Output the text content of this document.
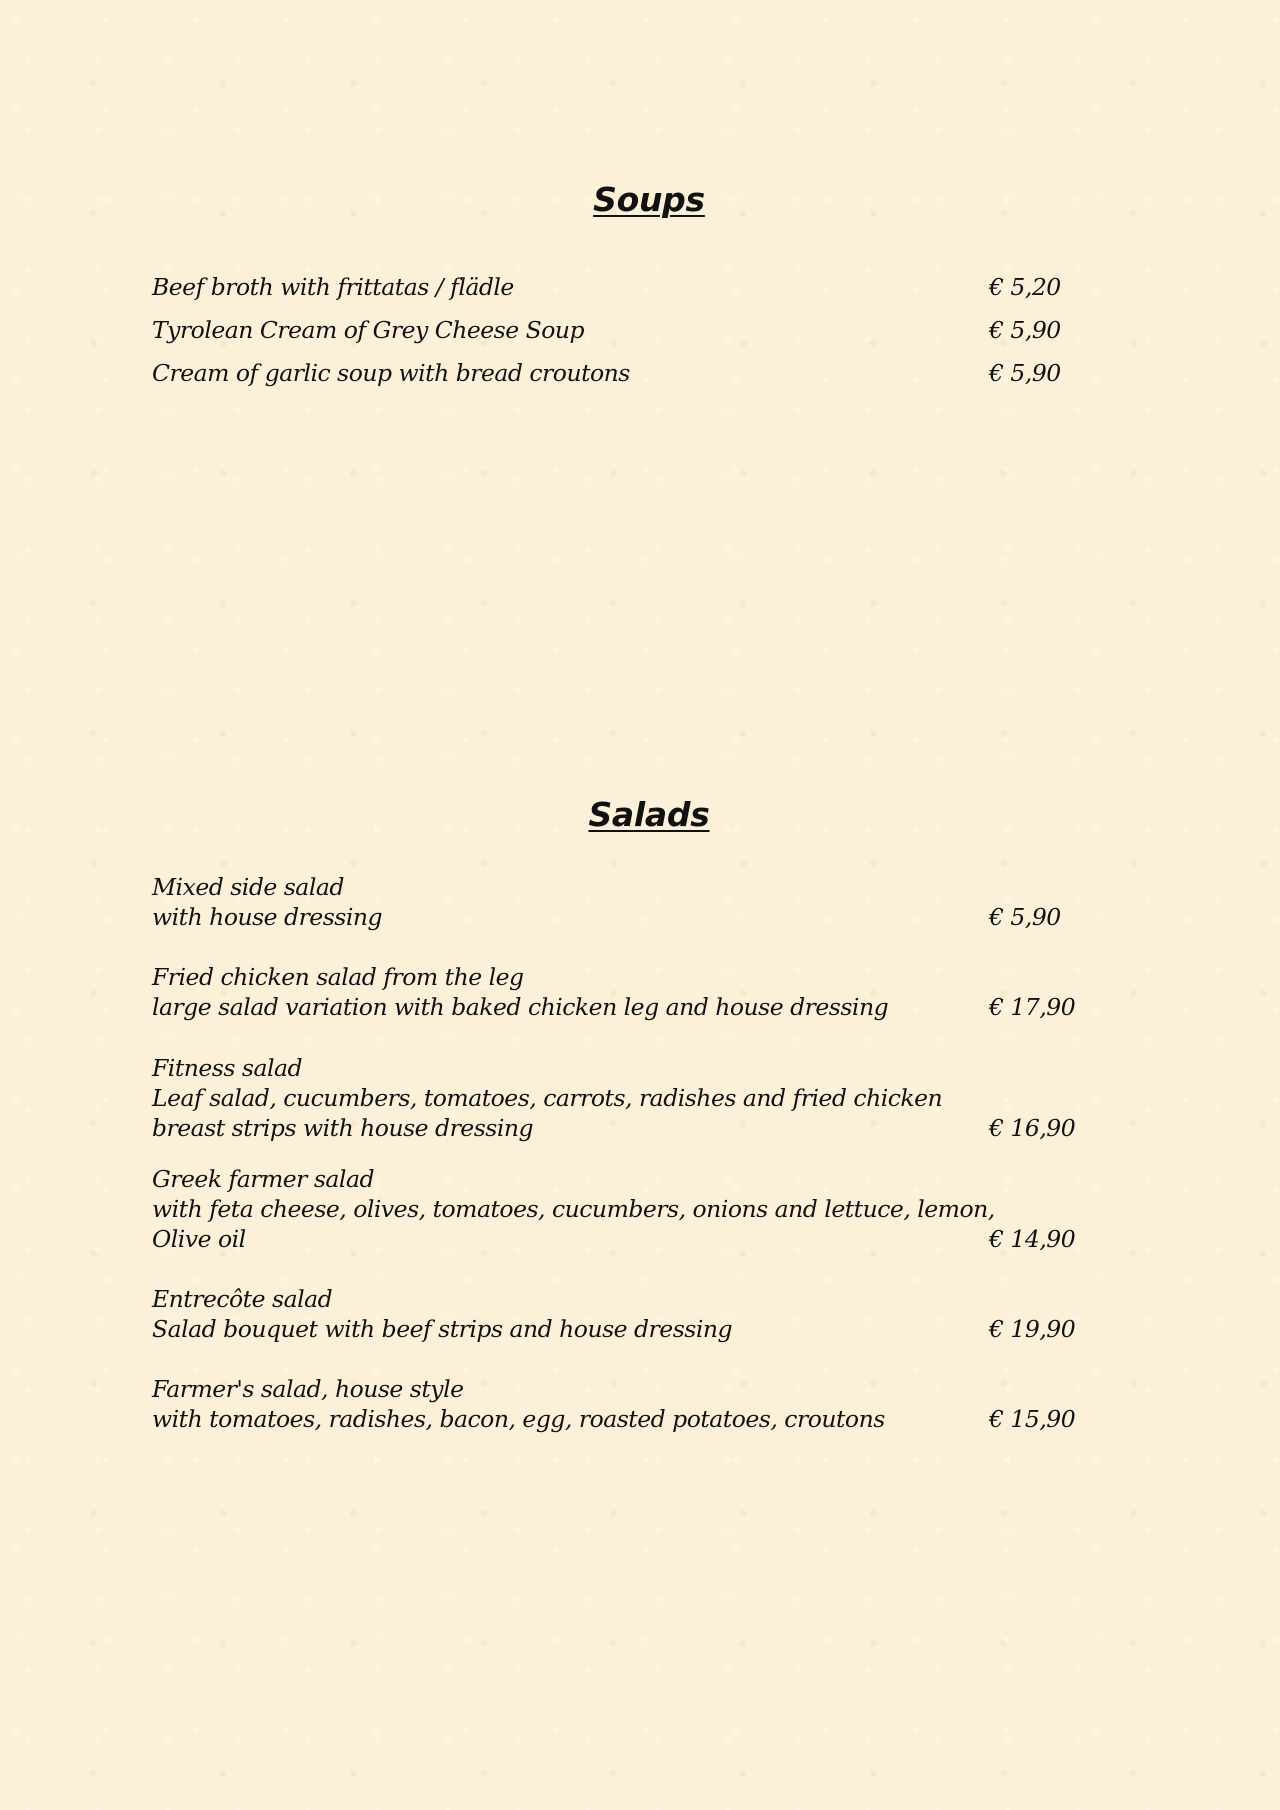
Soups
Beef broth with frittatas / flädle	€ 5,20
Tyrolean Cream of Grey Cheese Soup	€ 5,90
Cream of garlic soup with bread croutons	€ 5,90
Salads
Mixed side salad
with house dressing	€ 5,90
Fried chicken salad from the leg
large salad variation with baked chicken leg and house dressing	€ 17,90
Fitness salad
Leaf salad, cucumbers, tomatoes, carrots, radishes and fried chicken
breast strips with house dressing	€ 16,90
Greek farmer salad
with feta cheese, olives, tomatoes, cucumbers, onions and lettuce, lemon,
Olive oil	€ 14,90
Entrecôte salad
Salad bouquet with beef strips and house dressing	€ 19,90
Farmer's salad, house style
with tomatoes, radishes, bacon, egg, roasted potatoes, croutons	€ 15,90
